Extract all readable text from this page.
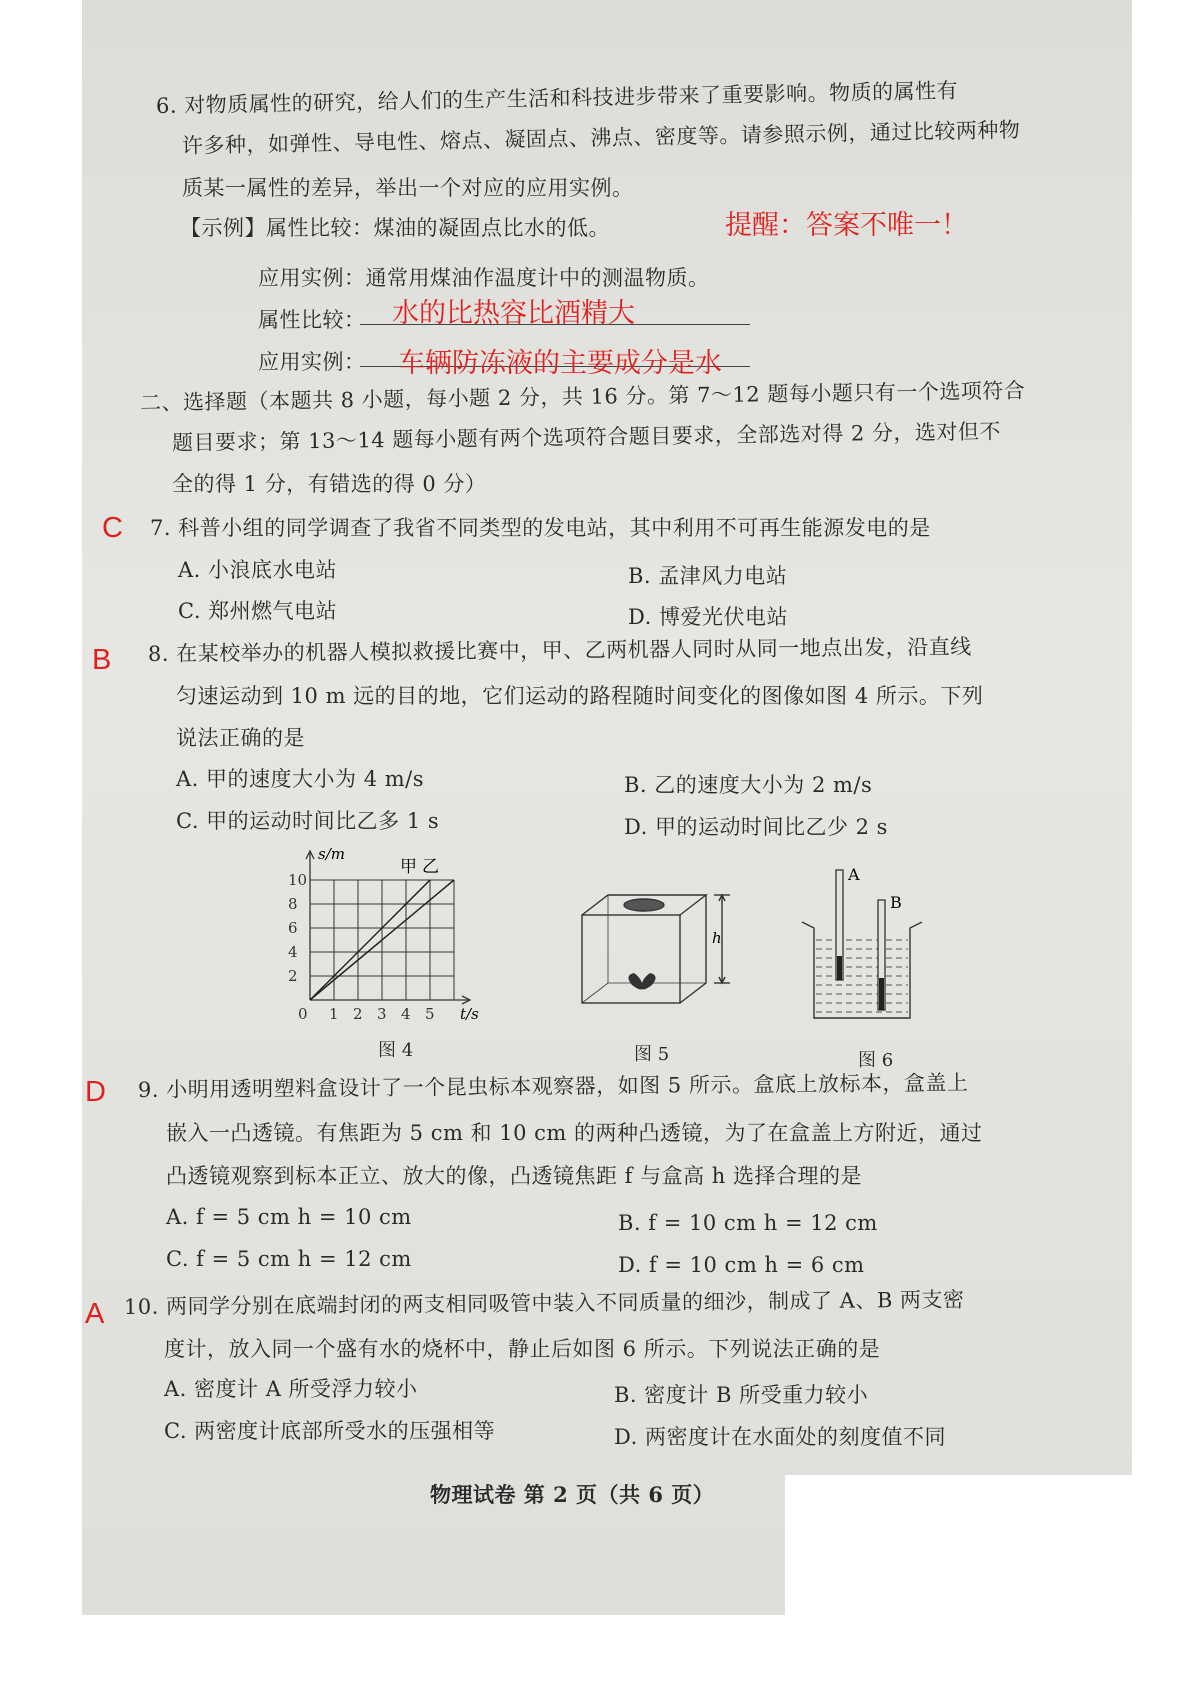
6. 对物质属性的研究，给人们的生产生活和科技进步带来了重要影响。物质的属性有
许多种，如弹性、导电性、熔点、凝固点、沸点、密度等。请参照示例，通过比较两种物
质某一属性的差异，举出一个对应的应用实例。
【示例】属性比较：煤油的凝固点比水的低。	提醒：答案不唯一！
应用实例：通常用煤油作温度计中的测温物质。
属性比较： 水的比热容比酒精大
应用实例： 车辆防冻液的主要成分是水
二、选择题（本题共 8 小题，每小题 2 分，共 16 分。第 7～12 题每小题只有一个选项符合
题目要求；第 13～14 题每小题有两个选项符合题目要求，全部选对得 2 分，选对但不
全的得 1 分，有错选的得 0 分）
C 7. 科普小组的同学调查了我省不同类型的发电站，其中利用不可再生能源发电的是
A. 小浪底水电站	B. 孟津风力电站
C. 郑州燃气电站	D. 博爱光伏电站
B 8. 在某校举办的机器人模拟救援比赛中，甲、乙两机器人同时从同一地点出发，沿直线
匀速运动到 10 m 远的目的地，它们运动的路程随时间变化的图像如图 4 所示。下列
说法正确的是
A. 甲的速度大小为 4 m/s	B. 乙的速度大小为 2 m/s
C. 甲的运动时间比乙多 1 s	D. 甲的运动时间比乙少 2 s
s/m
甲 乙
10
8
6
4
2
0 1 2 3 4 5 t/s
图 4
h
图 5
A
B
图 6
D 9. 小明用透明塑料盒设计了一个昆虫标本观察器，如图 5 所示。盒底上放标本，盒盖上
嵌入一凸透镜。有焦距为 5 cm 和 10 cm 的两种凸透镜，为了在盒盖上方附近，通过
凸透镜观察到标本正立、放大的像，凸透镜焦距 f 与盒高 h 选择合理的是
A. f = 5 cm h = 10 cm	B. f = 10 cm h = 12 cm
C. f = 5 cm h = 12 cm	D. f = 10 cm h = 6 cm
A 10. 两同学分别在底端封闭的两支相同吸管中装入不同质量的细沙，制成了 A、B 两支密
度计，放入同一个盛有水的烧杯中，静止后如图 6 所示。下列说法正确的是
A. 密度计 A 所受浮力较小	B. 密度计 B 所受重力较小
C. 两密度计底部所受水的压强相等	D. 两密度计在水面处的刻度值不同
物理试卷 第 2 页（共 6 页）
